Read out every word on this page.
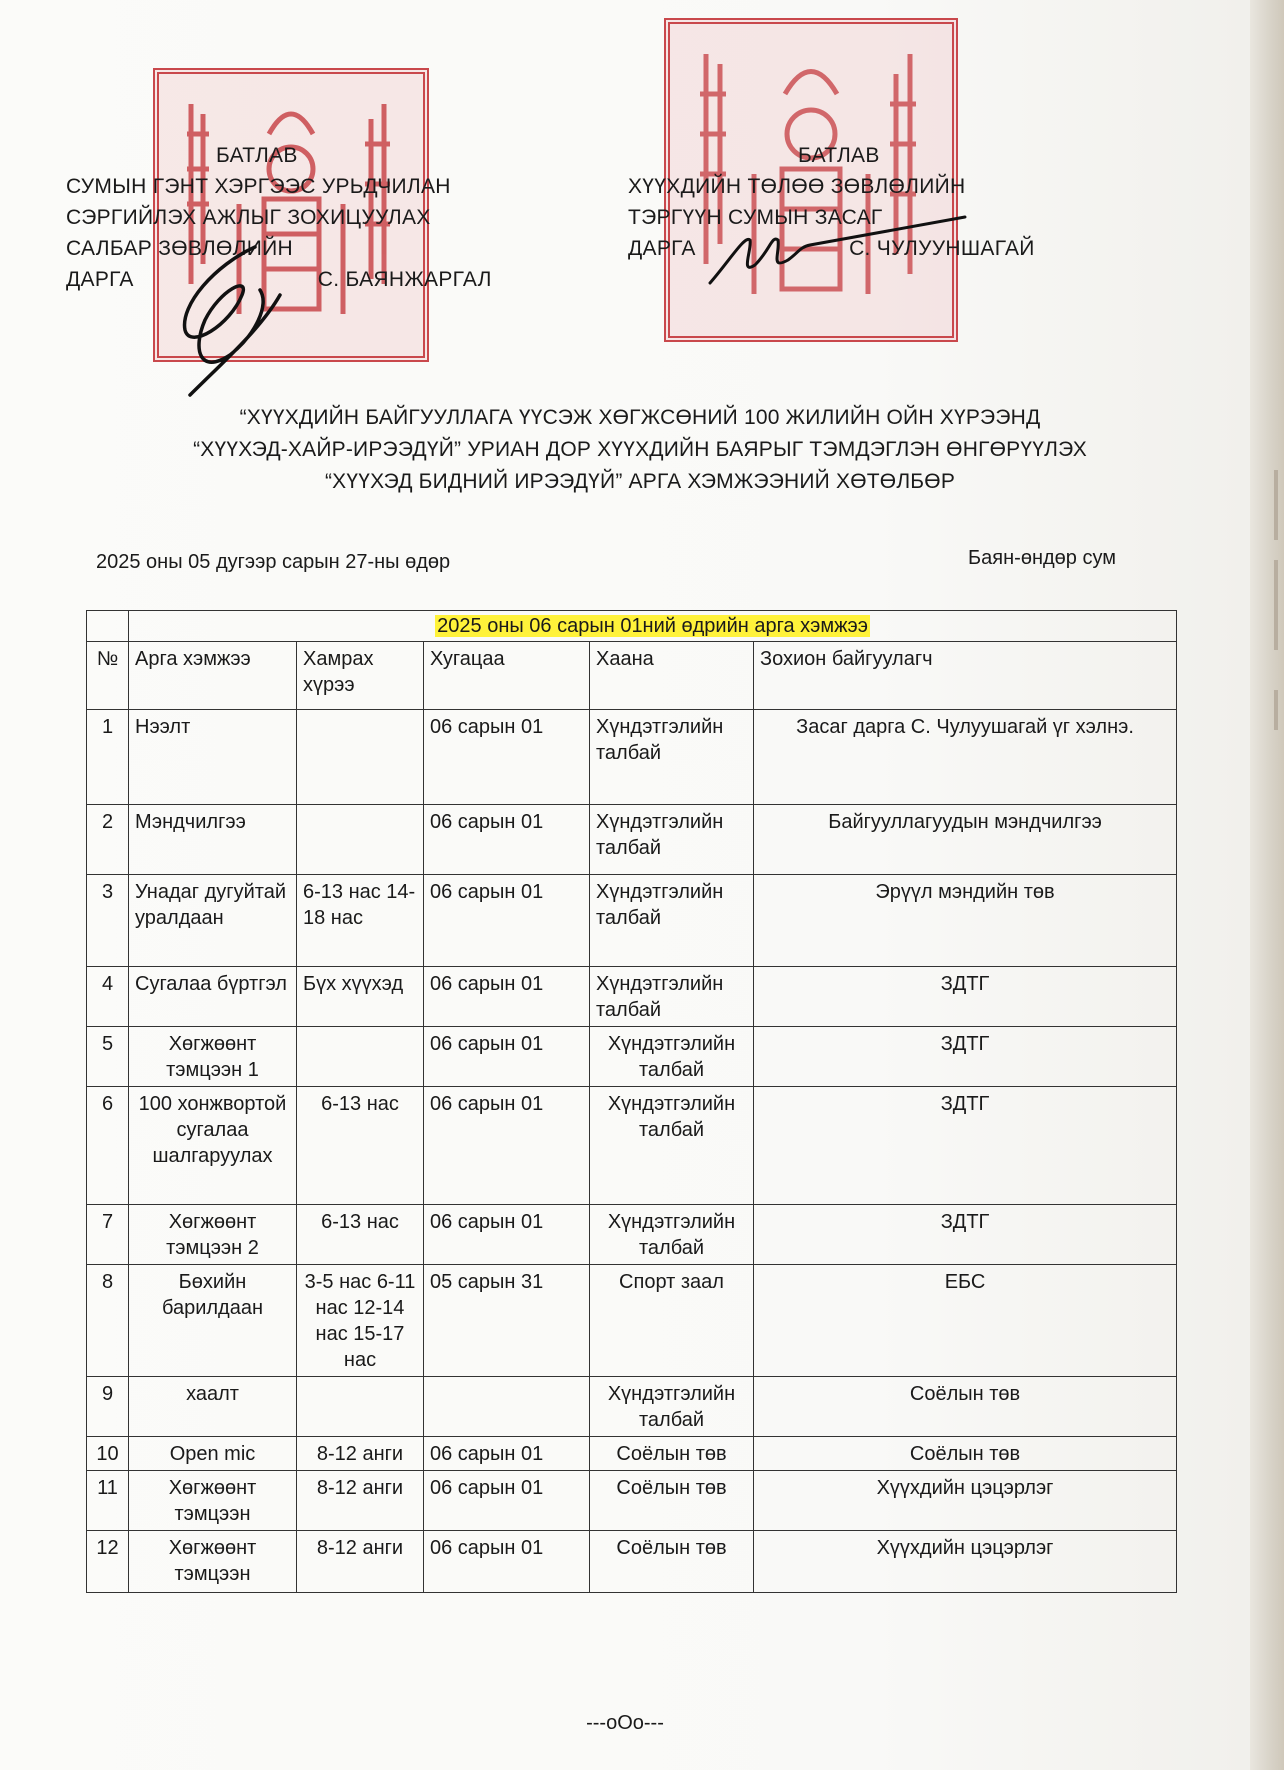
БАТЛАВ
СУМЫН ГЭНТ ХЭРГЭЭС УРЬДЧИЛАН
СЭРГИЙЛЭХ АЖЛЫГ ЗОХИЦУУЛАХ
САЛБАР ЗӨВЛӨЛИЙН
ДАРГА                              С. БАЯНЖАРГАЛ
БАТЛАВ
ХҮҮХДИЙН ТӨЛӨӨ ЗӨВЛӨЛИЙН
ТЭРГҮҮН СУМЫН ЗАСАГ
ДАРГА                         С. ЧУЛУУНШАГАЙ
“ХҮҮХДИЙН БАЙГУУЛЛАГА ҮҮСЭЖ ХӨГЖСӨНИЙ 100 ЖИЛИЙН ОЙН ХҮРЭЭНД
“ХҮҮХЭД-ХАЙР-ИРЭЭДҮЙ” УРИАН ДОР ХҮҮХДИЙН БАЯРЫГ ТЭМДЭГЛЭН ӨНГӨРҮҮЛЭХ
“ХҮҮХЭД БИДНИЙ ИРЭЭДҮЙ” АРГА ХЭМЖЭЭНИЙ ХӨТӨЛБӨР
2025 оны 05 дугээр сарын 27-ны өдөр	Баян-өндөр сум
	2025 оны 06 сарын 01ний өдрийн арга хэмжээ				
№	Арга хэмжээ	Хамрах хүрээ	Хугацаа	Хаана	Зохион байгуулагч
1	Нээлт		06 сарын 01	Хүндэтгэлийн талбай	Засаг дарга С. Чулуушагай үг хэлнэ.
2	Мэндчилгээ		06 сарын 01	Хүндэтгэлийн талбай	Байгууллагуудын мэндчилгээ
3	Унадаг дугуйтай уралдаан	6-13 нас 14-18 нас	06 сарын 01	Хүндэтгэлийн талбай	Эрүүл мэндийн төв
4	Сугалаа бүртгэл	Бүх хүүхэд	06 сарын 01	Хүндэтгэлийн талбай	ЗДТГ
5	Хөгжөөнт тэмцээн 1		06 сарын 01	Хүндэтгэлийн талбай	ЗДТГ
6	100 хонжвортой сугалаа шалгаруулах	6-13 нас	06 сарын 01	Хүндэтгэлийн талбай	ЗДТГ
7	Хөгжөөнт тэмцээн 2	6-13 нас	06 сарын 01	Хүндэтгэлийн талбай	ЗДТГ
8	Бөхийн барилдаан	3-5 нас 6-11 нас 12-14 нас 15-17 нас	05 сарын 31	Спорт заал	ЕБС
9	хаалт			Хүндэтгэлийн талбай	Соёлын төв
10	Open mic	8-12 анги	06 сарын 01	Соёлын төв	Соёлын төв
11	Хөгжөөнт тэмцээн	8-12 анги	06 сарын 01	Соёлын төв	Хүүхдийн цэцэрлэг
12	Хөгжөөнт тэмцээн	8-12 анги	06 сарын 01	Соёлын төв	Хүүхдийн цэцэрлэг
---oOo---
